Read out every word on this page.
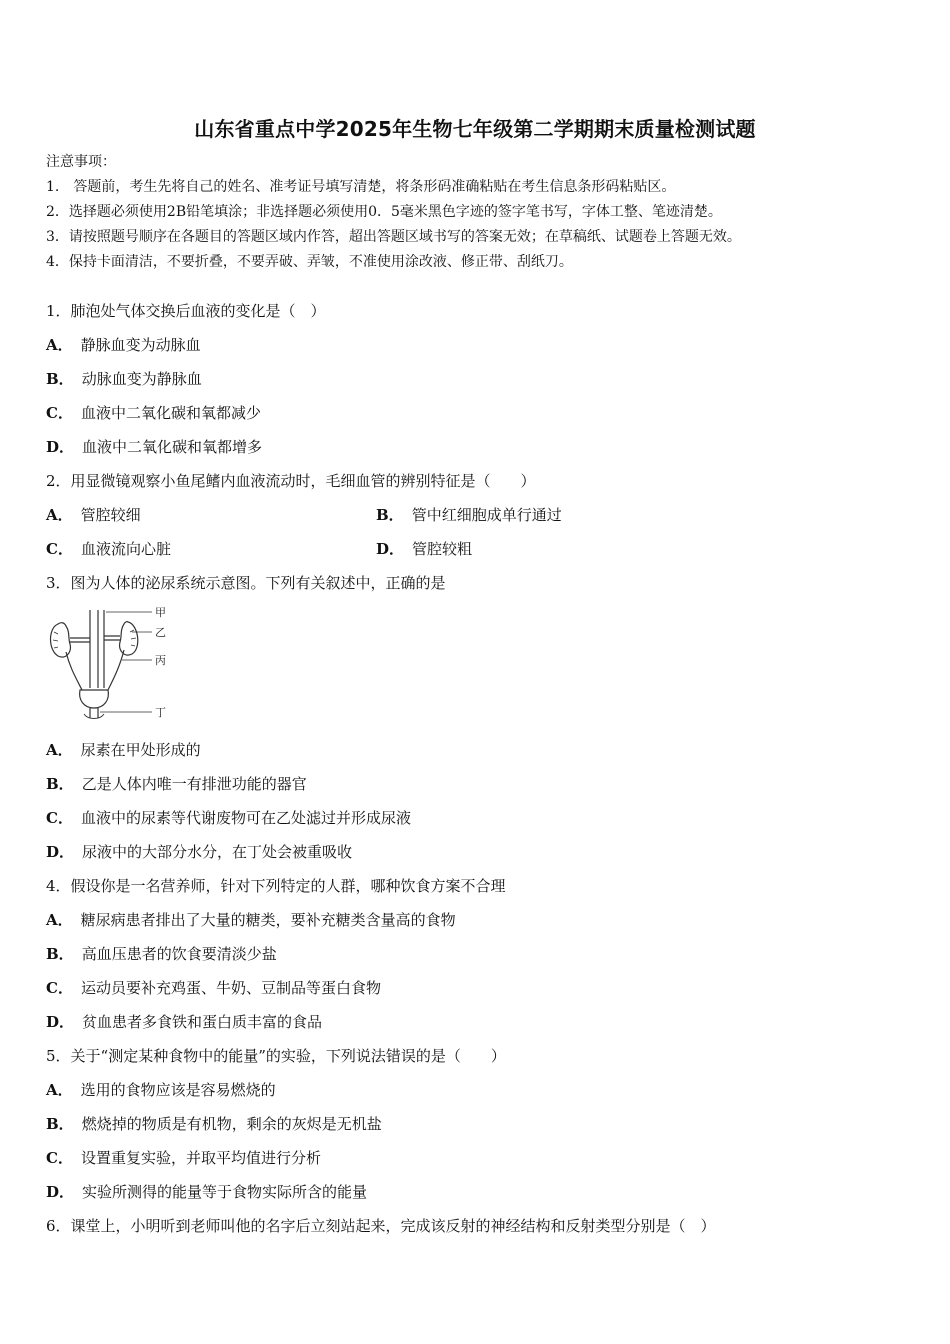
山东省重点中学2025年生物七年级第二学期期末质量检测试题
注意事项：
1.　答题前，考生先将自己的姓名、准考证号填写清楚，将条形码准确粘贴在考生信息条形码粘贴区。
2．选择题必须使用2B铅笔填涂；非选择题必须使用0．5毫米黑色字迹的签字笔书写，字体工整、笔迹清楚。
3．请按照题号顺序在各题目的答题区域内作答，超出答题区域书写的答案无效；在草稿纸、试题卷上答题无效。
4．保持卡面清洁，不要折叠，不要弄破、弄皱，不准使用涂改液、修正带、刮纸刀。
1．肺泡处气体交换后血液的变化是（　）
A． 静脉血变为动脉血
B． 动脉血变为静脉血
C． 血液中二氧化碳和氧都减少
D． 血液中二氧化碳和氧都增多
2．用显微镜观察小鱼尾鳍内血液流动时，毛细血管的辨别特征是（　　）
A． 管腔较细	B． 管中红细胞成单行通过
C． 血液流向心脏	D． 管腔较粗
3．图为人体的泌尿系统示意图。下列有关叙述中，正确的是
甲
乙
丙
丁
A． 尿素在甲处形成的
B． 乙是人体内唯一有排泄功能的器官
C． 血液中的尿素等代谢废物可在乙处滤过并形成尿液
D． 尿液中的大部分水分，在丁处会被重吸收
4．假设你是一名营养师，针对下列特定的人群，哪种饮食方案不合理
A． 糖尿病患者排出了大量的糖类，要补充糖类含量高的食物
B． 高血压患者的饮食要清淡少盐
C． 运动员要补充鸡蛋、牛奶、豆制品等蛋白食物
D． 贫血患者多食铁和蛋白质丰富的食品
5．关于“测定某种食物中的能量”的实验，下列说法错误的是（　　）
A． 选用的食物应该是容易燃烧的
B． 燃烧掉的物质是有机物，剩余的灰烬是无机盐
C． 设置重复实验，并取平均值进行分析
D． 实验所测得的能量等于食物实际所含的能量
6．课堂上，小明听到老师叫他的名字后立刻站起来，完成该反射的神经结构和反射类型分别是（　）
